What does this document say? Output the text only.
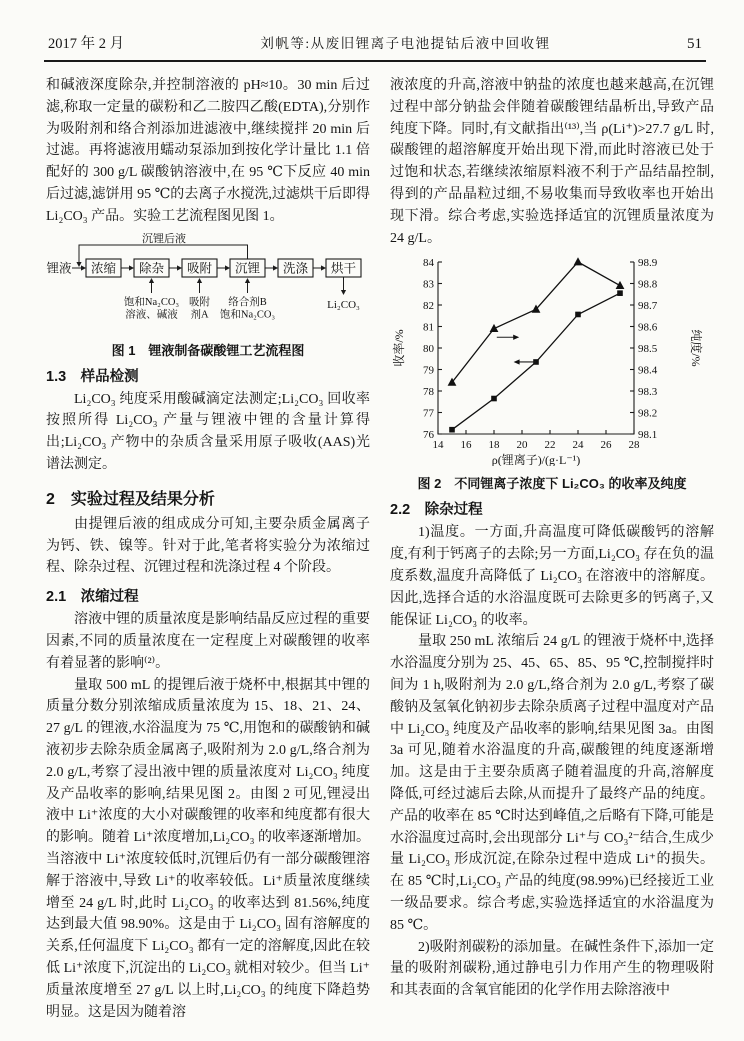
2017 年 2 月	刘帆等:从废旧锂离子电池提钴后液中回收锂	51

和碱液深度除杂,并控制溶液的 pH≈10。30 min 后过滤,称取一定量的碳粉和乙二胺四乙酸(EDTA),分别作为吸附剂和络合剂添加进滤液中,继续搅拌 20 min 后过滤。再将滤液用蠕动泵添加到按化学计量比 1.1 倍配好的 300 g/L 碳酸钠溶液中,在 95 ℃下反应 40 min 后过滤,滤饼用 95 ℃的去离子水搅洗,过滤烘干后即得 Li₂CO₃ 产品。实验工艺流程图见图 1。

浓缩 除杂 吸附 沉锂 洗涤 烘干
锂液
沉锂后液
饱和Na₂CO₃
溶液、碱液
吸附
剂A
络合剂B
饱和Na₂CO₃
Li₂CO₃
图 1　锂液制备碳酸锂工艺流程图
1.3　样品检测

Li₂CO₃ 纯度采用酸碱滴定法测定;Li₂CO₃ 回收率按照所得 Li₂CO₃ 产量与锂液中锂的含量计算得出;Li₂CO₃ 产物中的杂质含量采用原子吸收(AAS)光谱法测定。

2　实验过程及结果分析

由提锂后液的组成成分可知,主要杂质金属离子为钙、铁、镍等。针对于此,笔者将实验分为浓缩过程、除杂过程、沉锂过程和洗涤过程 4 个阶段。

2.1　浓缩过程

溶液中锂的质量浓度是影响结晶反应过程的重要因素,不同的质量浓度在一定程度上对碳酸锂的收率有着显著的影响⁽²⁾。

量取 500 mL 的提锂后液于烧杯中,根据其中锂的质量分数分别浓缩成质量浓度为 15、18、21、24、27 g/L 的锂液,水浴温度为 75 ℃,用饱和的碳酸钠和碱液初步去除杂质金属离子,吸附剂为 2.0 g/L,络合剂为 2.0 g/L,考察了浸出液中锂的质量浓度对 Li₂CO₃ 纯度及产品收率的影响,结果见图 2。由图 2 可见,锂浸出液中 Li⁺浓度的大小对碳酸锂的收率和纯度都有很大的影响。随着 Li⁺浓度增加,Li₂CO₃ 的收率逐渐增加。当溶液中 Li⁺浓度较低时,沉锂后仍有一部分碳酸锂溶解于溶液中,导致 Li⁺的收率较低。Li⁺质量浓度继续增至 24 g/L 时,此时 Li₂CO₃ 的收率达到 81.56%,纯度达到最大值 98.90%。这是由于 Li₂CO₃ 固有溶解度的关系,任何温度下 Li₂CO₃ 都有一定的溶解度,因此在较低 Li⁺浓度下,沉淀出的 Li₂CO₃ 就相对较少。但当 Li⁺质量浓度增至 27 g/L 以上时,Li₂CO₃ 的纯度下降趋势明显。这是因为随着溶

液浓度的升高,溶液中钠盐的浓度也越来越高,在沉锂过程中部分钠盐会伴随着碳酸锂结晶析出,导致产品纯度下降。同时,有文献指出⁽¹³⁾,当 ρ(Li⁺)>27.7 g/L 时,碳酸锂的超溶解度开始出现下滑,而此时溶液已处于过饱和状态,若继续浓缩原料液不利于产品结晶控制,得到的产品晶粒过细,不易收集而导致收率也开始出现下滑。综合考虑,实验选择适宜的沉锂质量浓度为 24 g/L。

14 16 18 20 22 24 26 28
76
77
78
79
80
81
82
83
84
98.1
98.2
98.3
98.4
98.5
98.6
98.7
98.8
98.9
收率/%	纯度/%
ρ(锂离子)/(g·L⁻¹)
图 2　不同锂离子浓度下 Li₂CO₃ 的收率及纯度
2.2　除杂过程

1)温度。一方面,升高温度可降低碳酸钙的溶解度,有利于钙离子的去除;另一方面,Li₂CO₃ 存在负的温度系数,温度升高降低了 Li₂CO₃ 在溶液中的溶解度。因此,选择合适的水浴温度既可去除更多的钙离子,又能保证 Li₂CO₃ 的收率。

量取 250 mL 浓缩后 24 g/L 的锂液于烧杯中,选择水浴温度分别为 25、45、65、85、95 ℃,控制搅拌时间为 1 h,吸附剂为 2.0 g/L,络合剂为 2.0 g/L,考察了碳酸钠及氢氧化钠初步去除杂质离子过程中温度对产品中 Li₂CO₃ 纯度及产品收率的影响,结果见图 3a。由图 3a 可见,随着水浴温度的升高,碳酸锂的纯度逐渐增加。这是由于主要杂质离子随着温度的升高,溶解度降低,可经过滤后去除,从而提升了最终产品的纯度。产品的收率在 85 ℃时达到峰值,之后略有下降,可能是水浴温度过高时,会出现部分 Li⁺与 CO₃²⁻结合,生成少量 Li₂CO₃ 形成沉淀,在除杂过程中造成 Li⁺的损失。在 85 ℃时,Li₂CO₃ 产品的纯度(98.99%)已经接近工业一级品要求。综合考虑,实验选择适宜的水浴温度为 85 ℃。

2)吸附剂碳粉的添加量。在碱性条件下,添加一定量的吸附剂碳粉,通过静电引力作用产生的物理吸附和其表面的含氧官能团的化学作用去除溶液中
